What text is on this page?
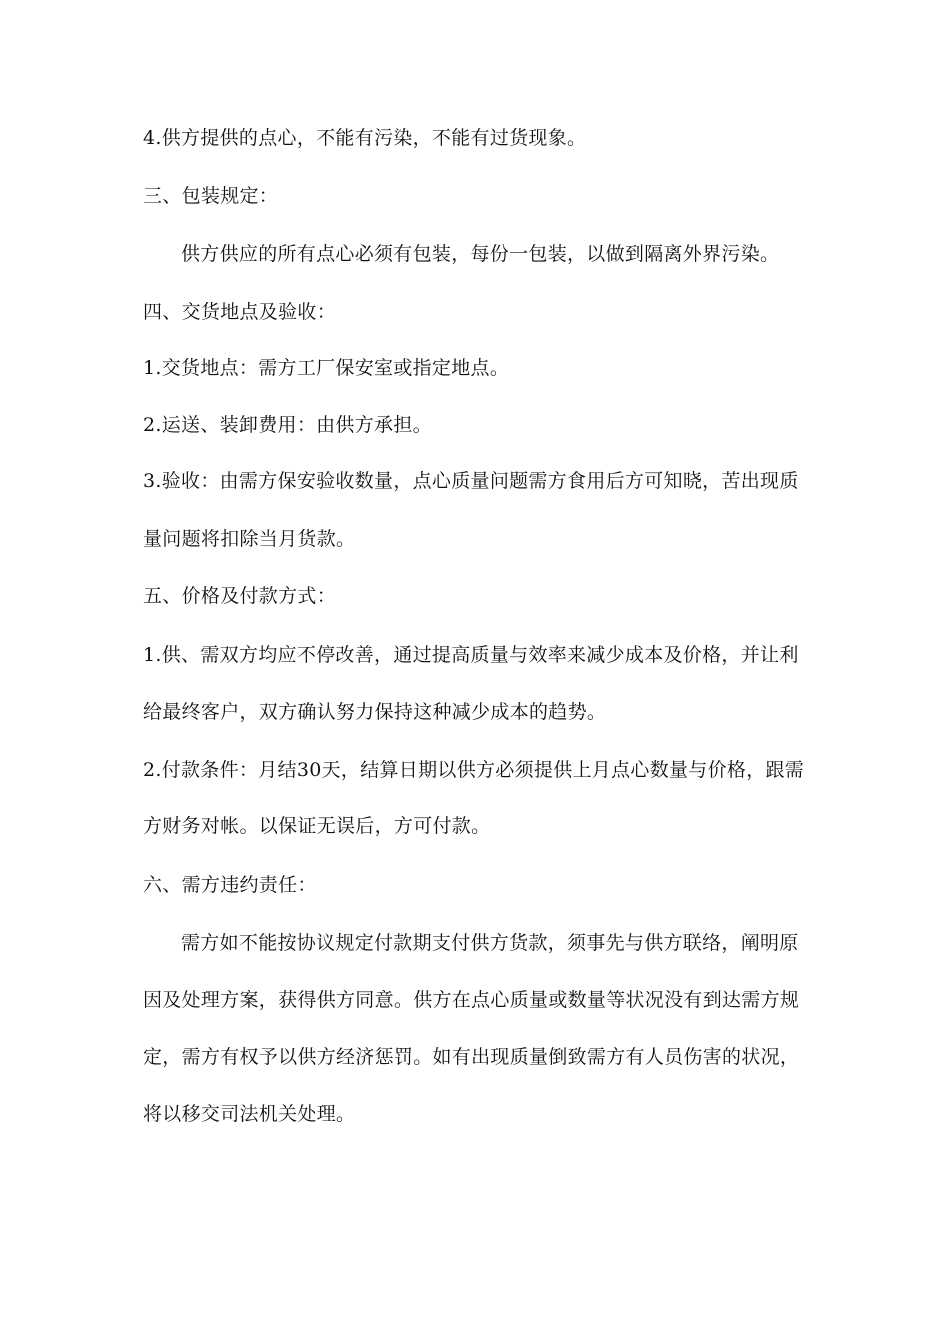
4.供方提供的点心，不能有污染，不能有过货现象。
三、包装规定：
供方供应的所有点心必须有包装，每份一包装，以做到隔离外界污染。
四、交货地点及验收：
1.交货地点：需方工厂保安室或指定地点。
2.运送、装卸费用：由供方承担。
3.验收：由需方保安验收数量，点心质量问题需方食用后方可知晓，苦出现质
量问题将扣除当月货款。
五、价格及付款方式：
1.供、需双方均应不停改善，通过提高质量与效率来减少成本及价格，并让利
给最终客户，双方确认努力保持这种减少成本的趋势。
2.付款条件：月结30天，结算日期以供方必须提供上月点心数量与价格，跟需
方财务对帐。以保证无误后，方可付款。
六、需方违约责任：
需方如不能按协议规定付款期支付供方货款，须事先与供方联络，阐明原
因及处理方案，获得供方同意。供方在点心质量或数量等状况没有到达需方规
定，需方有权予以供方经济惩罚。如有出现质量倒致需方有人员伤害的状况，
将以移交司法机关处理。
